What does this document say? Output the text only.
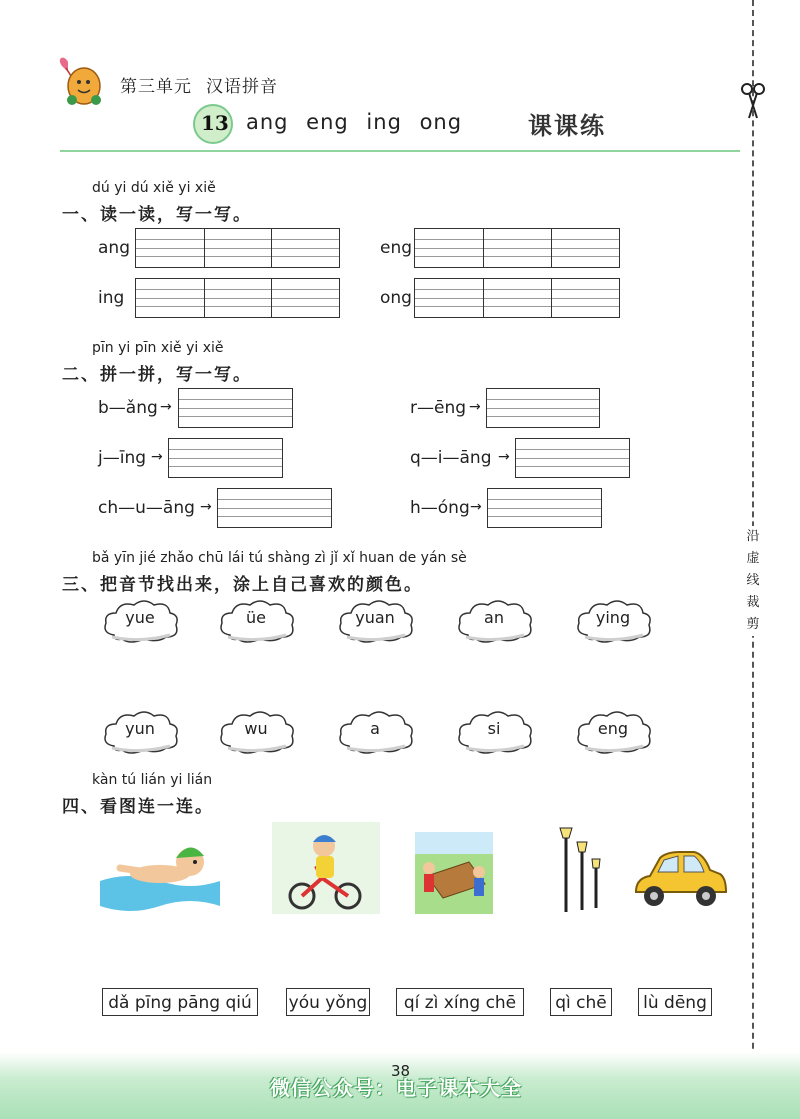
第三单元 汉语拼音
13 ang eng ing ong	课课练
沿
虚
线
裁
剪
dú yi dú xiě yi xiě
一、读一读，写一写。
ang	eng
ing	ong
pīn yi pīn xiě yi xiě
二、拼一拼，写一写。
b—ǎng →	r—ēng →
j—īng →	q—i—āng →
ch—u—āng →	h—óng →
bǎ yīn jié zhǎo chū lái tú shàng zì jǐ xǐ huan de yán sè
三、把音节找出来，涂上自己喜欢的颜色。
yue	üe	yuan	an	ying
yun	wu	a	si	eng
kàn tú lián yi lián
四、看图连一连。
dǎ pīng pāng qiú	yóu yǒng	qí zì xíng chē	qì chē	lù dēng
38
微信公众号：电子课本大全
